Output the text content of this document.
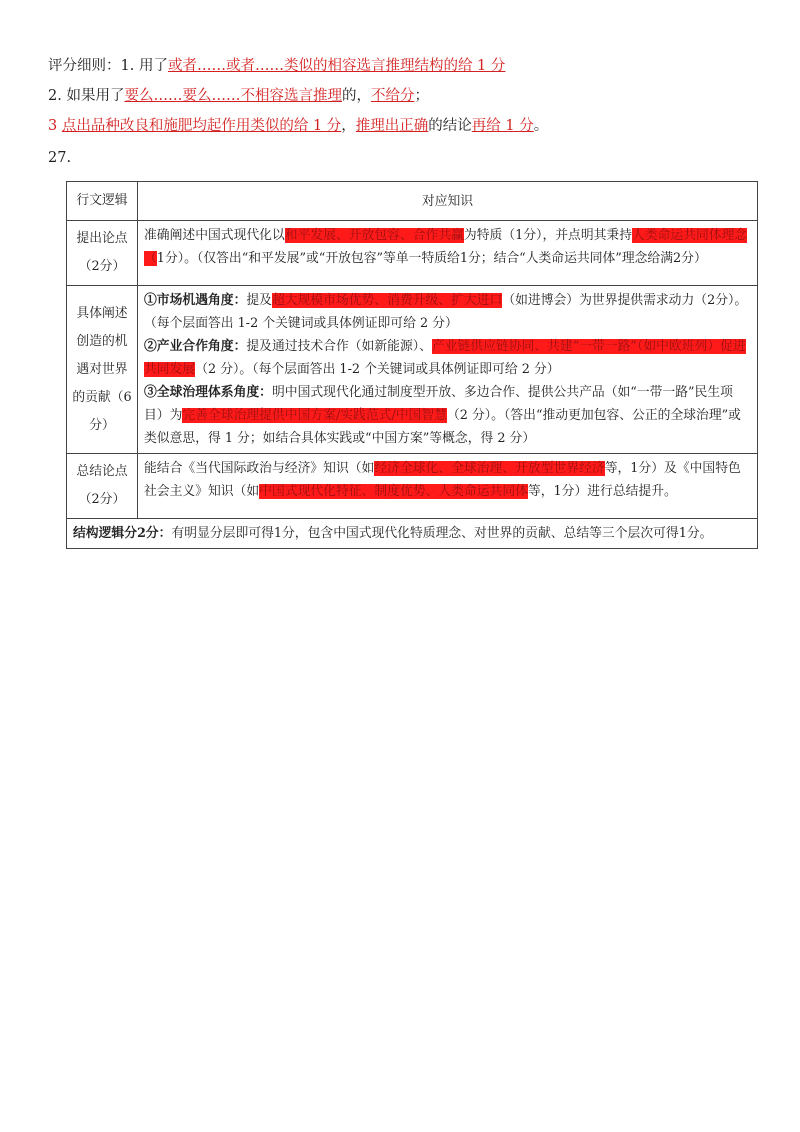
评分细则：1. 用了或者……或者……类似的相容选言推理结构的给 1 分
2. 如果用了要么……要么……不相容选言推理的，不给分；
3 点出品种改良和施肥均起作用类似的给 1 分，推理出正确的结论再给 1 分。
27.
行文逻辑	对应知识
提出论点（2分）	准确阐述中国式现代化以和平发展、开放包容、合作共赢为特质（1分），并点明其秉持人类命运共同体理念（1分）。（仅答出“和平发展”或“开放包容”等单一特质给1分；结合“人类命运共同体”理念给满2分）
具体阐述创造的机遇对世界的贡献（6分）	①市场机遇角度：提及超大规模市场优势、消费升级、扩大进口（如进博会）为世界提供需求动力（2分）。（每个层面答出 1-2 个关键词或具体例证即可给 2 分）
②产业合作角度：提及通过技术合作（如新能源）、产业链供应链协同、共建“一带一路”（如中欧班列）促进共同发展（2 分）。（每个层面答出 1-2 个关键词或具体例证即可给 2 分）
③全球治理体系角度：明中国式现代化通过制度型开放、多边合作、提供公共产品（如“一带一路”民生项目）为完善全球治理提供中国方案/实践范式/中国智慧（2 分）。（答出“推动更加包容、公正的全球治理”或类似意思，得 1 分；如结合具体实践或“中国方案”等概念，得 2 分）

总结论点（2分）	能结合《当代国际政治与经济》知识（如经济全球化、全球治理、开放型世界经济等，1分）及《中国特色社会主义》知识（如中国式现代化特征、制度优势、人类命运共同体等，1分）进行总结提升。
结构逻辑分2分：有明显分层即可得1分，包含中国式现代化特质理念、对世界的贡献、总结等三个层次可得1分。	
